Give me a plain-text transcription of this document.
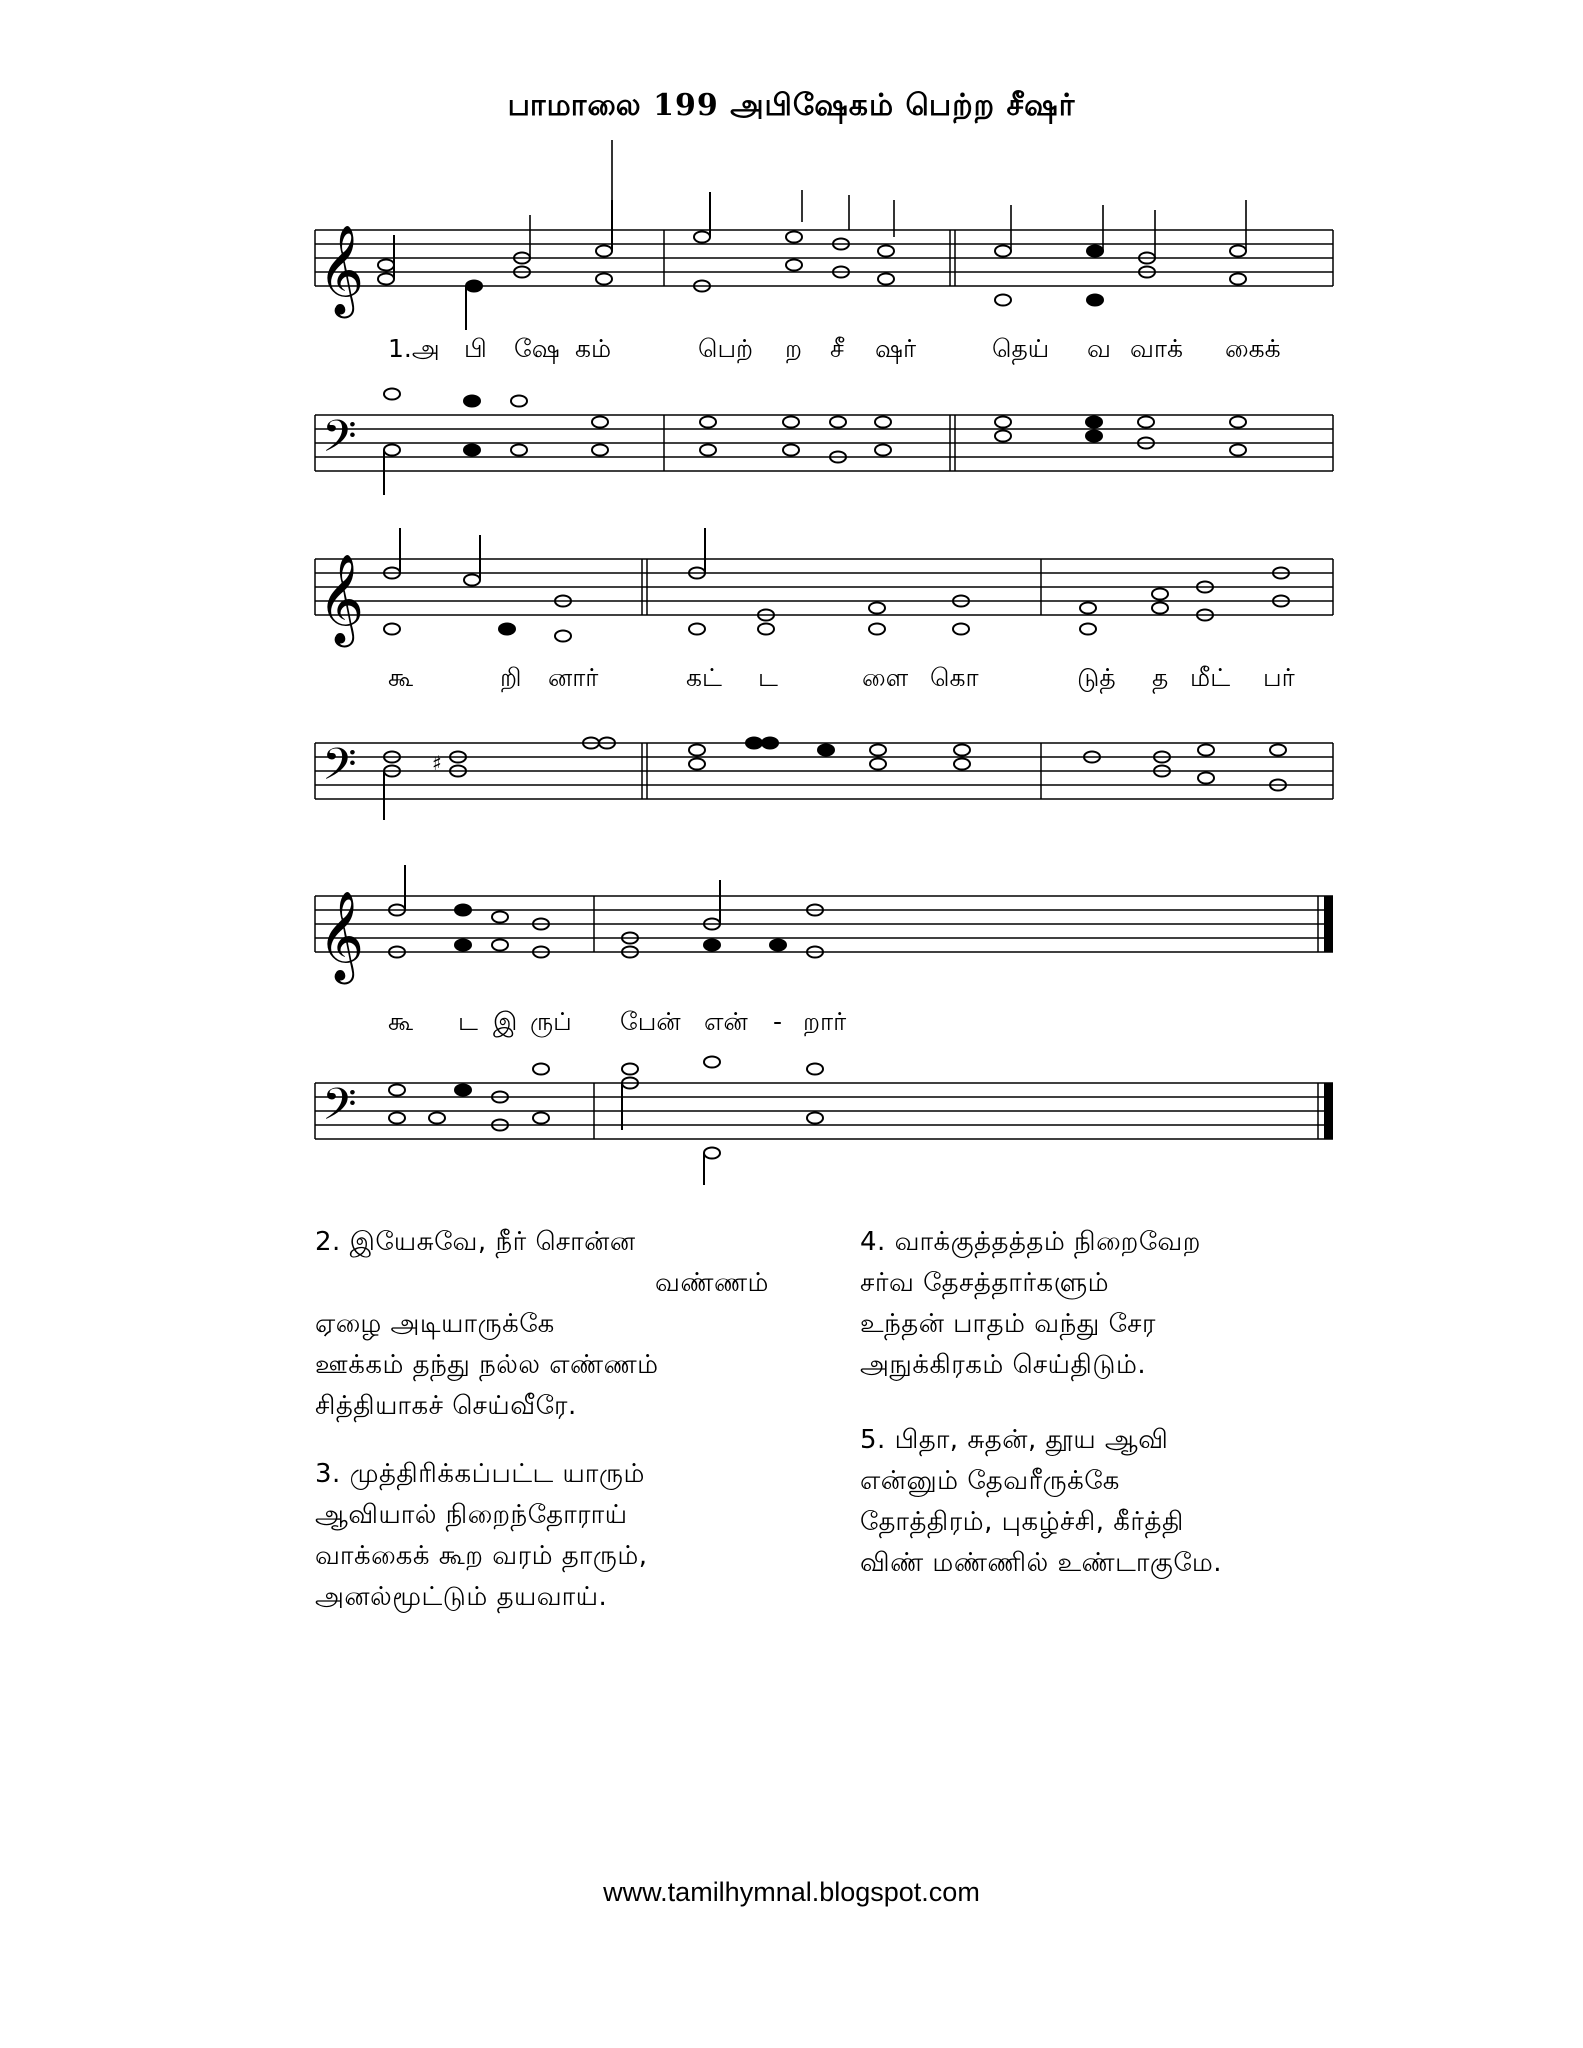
பாமாலை 199 அபிஷேகம் பெற்ற சீஷர்
𝄞
𝄢
1.அ பி ஷே கம்	பெற் ற சீ ஷர்	தெய் வ வாக் கைக்
𝄞
𝄢	♯
கூ	றி னார்	கட் ட	ளை கொ	டுத் த மீட் பர்
𝄞
𝄢
கூ ட இ ருப் பேன் என் - றார்
2. இயேசுவே, நீர் சொன்ன
வண்ணம்
ஏழை அடியாருக்கே
ஊக்கம் தந்து நல்ல எண்ணம்
சித்தியாகச் செய்வீரே.
3. முத்திரிக்கப்பட்ட யாரும்
ஆவியால் நிறைந்தோராய்
வாக்கைக் கூற வரம் தாரும்,
அனல்மூட்டும் தயவாய்.
4. வாக்குத்தத்தம் நிறைவேற
சர்வ தேசத்தார்களும்
உந்தன் பாதம் வந்து சேர
அநுக்கிரகம் செய்திடும்.
5. பிதா, சுதன், தூய ஆவி
என்னும் தேவரீருக்கே
தோத்திரம், புகழ்ச்சி, கீர்த்தி
விண் மண்ணில் உண்டாகுமே.
www.tamilhymnal.blogspot.com
